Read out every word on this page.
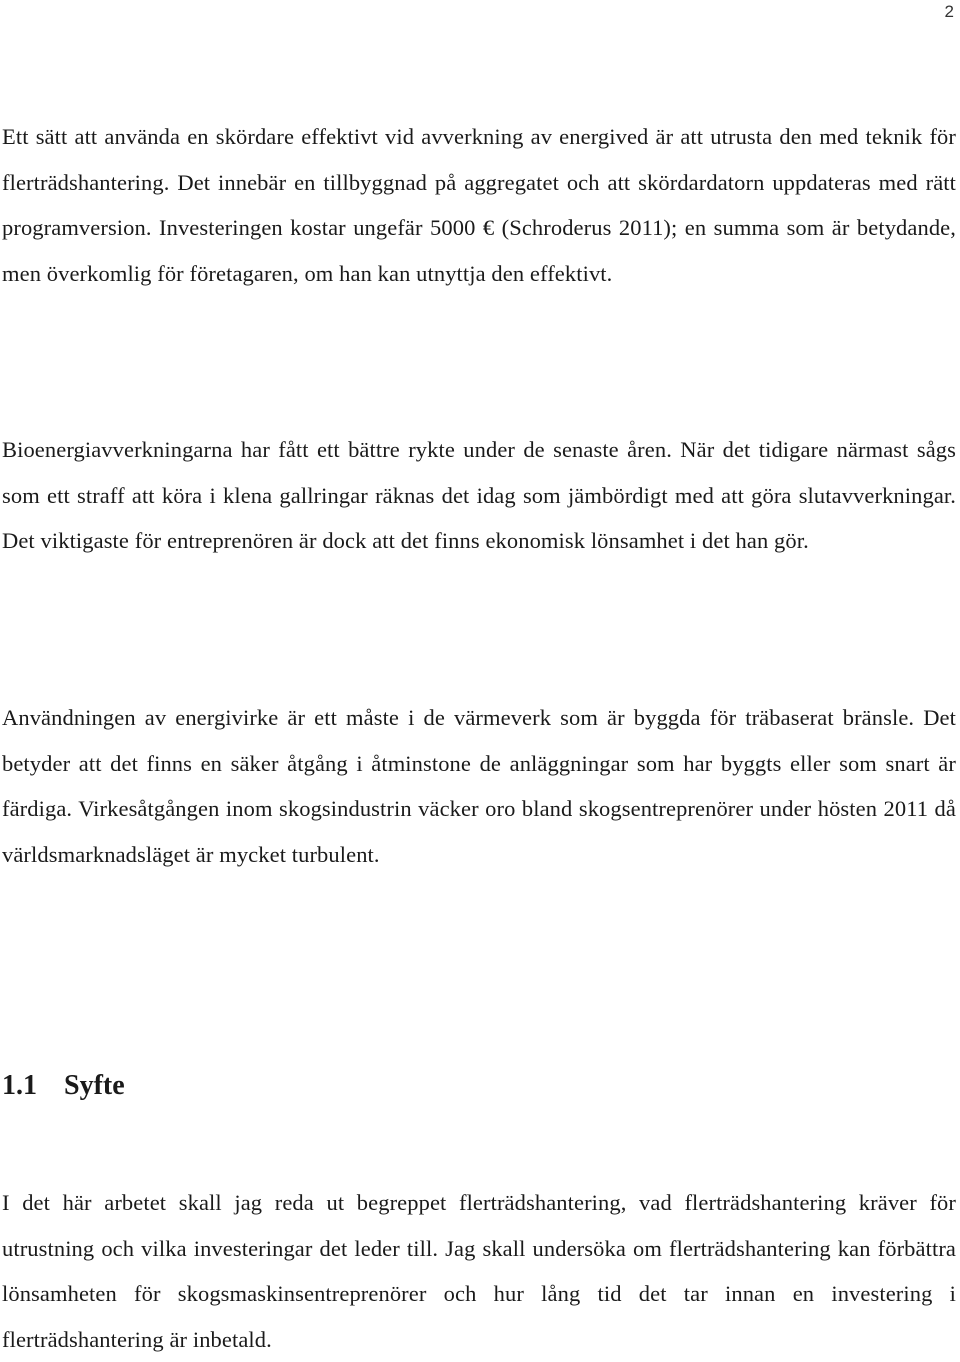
2

Ett sätt att använda en skördare effektivt vid avverkning av energived är att utrusta den med teknik för flerträdshantering. Det innebär en tillbyggnad på aggregatet och att skördardatorn uppdateras med rätt programversion. Investeringen kostar ungefär 5000 € (Schroderus 2011); en summa som är betydande, men överkomlig för företagaren, om han kan utnyttja den effektivt.

Bioenergiavverkningarna har fått ett bättre rykte under de senaste åren. När det tidigare närmast sågs som ett straff att köra i klena gallringar räknas det idag som jämbördigt med att göra slutavverkningar. Det viktigaste för entreprenören är dock att det finns ekonomisk lönsamhet i det han gör.

Användningen av energivirke är ett måste i de värmeverk som är byggda för träbaserat bränsle. Det betyder att det finns en säker åtgång i åtminstone de anläggningar som har byggts eller som snart är färdiga. Virkesåtgången inom skogsindustrin väcker oro bland skogsentreprenörer under hösten 2011 då världsmarknadsläget är mycket turbulent.

1.1 Syfte

I det här arbetet skall jag reda ut begreppet flerträdshantering, vad flerträdshantering kräver för utrustning och vilka investeringar det leder till. Jag skall undersöka om flerträdshantering kan förbättra lönsamheten för skogsmaskinsentreprenörer och hur lång tid det tar innan en investering i flerträdshantering är inbetald.
